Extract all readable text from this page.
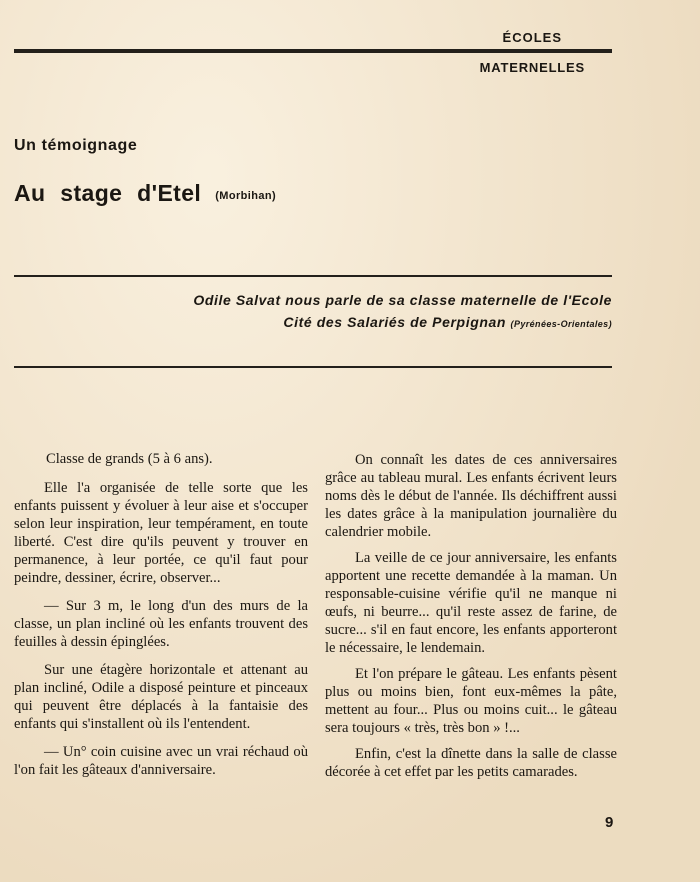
ÉCOLES
MATERNELLES
Un témoignage
Au stage d'Etel (Morbihan)
Odile Salvat nous parle de sa classe maternelle de l'Ecole Cité des Salariés de Perpignan (Pyrénées-Orientales)

Classe de grands (5 à 6 ans).

Elle l'a organisée de telle sorte que les enfants puissent y évoluer à leur aise et s'occuper selon leur inspiration, leur tempérament, en toute liberté. C'est dire qu'ils peuvent y trouver en permanence, à leur portée, ce qu'il faut pour peindre, dessiner, écrire, observer...

— Sur 3 m, le long d'un des murs de la classe, un plan incliné où les enfants trouvent des feuilles à dessin épinglées.

Sur une étagère horizontale et attenant au plan incliné, Odile a disposé peinture et pinceaux qui peuvent être déplacés à la fantaisie des enfants qui s'installent où ils l'entendent.

— Un° coin cuisine avec un vrai réchaud où l'on fait les gâteaux d'anniversaire.

On connaît les dates de ces anniversaires grâce au tableau mural. Les enfants écrivent leurs noms dès le début de l'année. Ils déchiffrent aussi les dates grâce à la manipulation journalière du calendrier mobile.

La veille de ce jour anniversaire, les enfants apportent une recette demandée à la maman. Un responsable-cuisine vérifie qu'il ne manque ni œufs, ni beurre... qu'il reste assez de farine, de sucre... s'il en faut encore, les enfants apporteront le nécessaire, le lendemain.

Et l'on prépare le gâteau. Les enfants pèsent plus ou moins bien, font eux-mêmes la pâte, mettent au four... Plus ou moins cuit... le gâteau sera toujours « très, très bon » !...

Enfin, c'est la dînette dans la salle de classe décorée à cet effet par les petits camarades.

9
